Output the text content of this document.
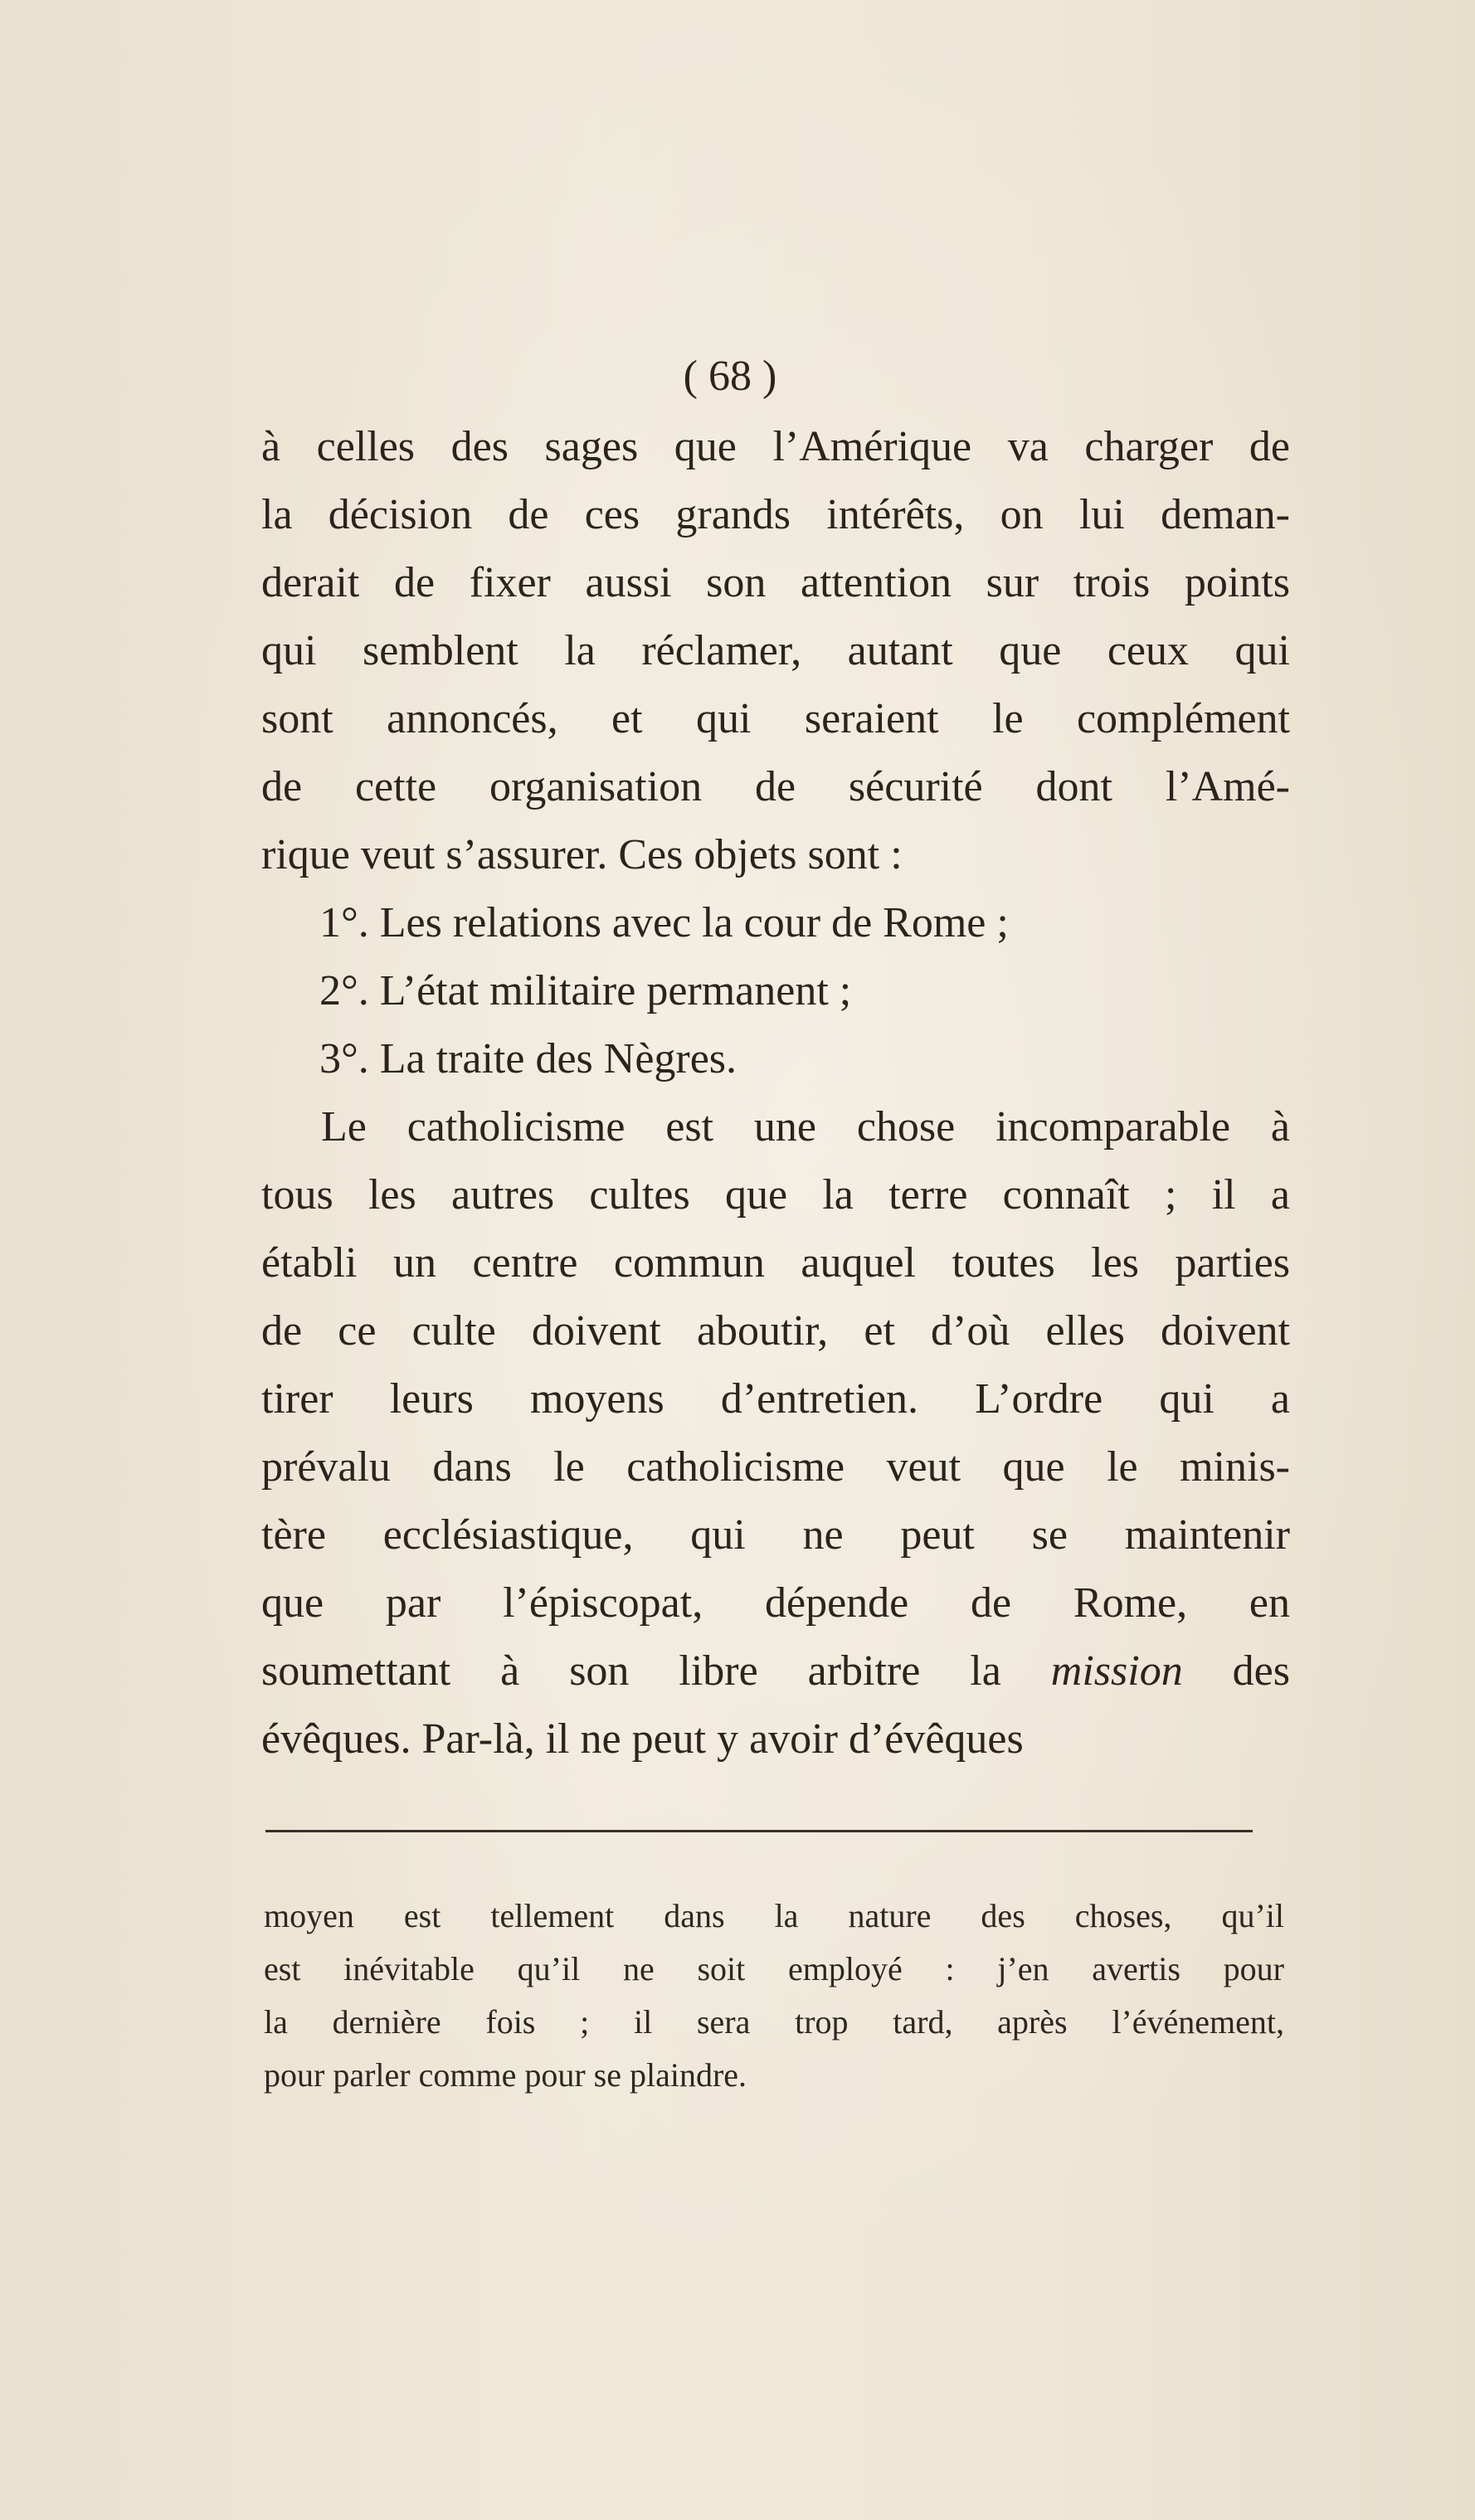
( 68 )
à celles des sages que l’Amérique va charger de
la décision de ces grands intérêts, on lui deman-
derait de fixer aussi son attention sur trois points
qui semblent la réclamer, autant que ceux qui
sont annoncés, et qui seraient le complément
de cette organisation de sécurité dont l’Amé-
rique veut s’assurer. Ces objets sont :
1°. Les relations avec la cour de Rome ;
2°. L’état militaire permanent ;
3°. La traite des Nègres.
Le catholicisme est une chose incomparable à
tous les autres cultes que la terre connaît ; il a
établi un centre commun auquel toutes les parties
de ce culte doivent aboutir, et d’où elles doivent
tirer leurs moyens d’entretien. L’ordre qui a
prévalu dans le catholicisme veut que le minis-
tère ecclésiastique, qui ne peut se maintenir
que par l’épiscopat, dépende de Rome, en
soumettant à son libre arbitre la mission des
évêques. Par-là, il ne peut y avoir d’évêques
moyen est tellement dans la nature des choses, qu’il
est inévitable qu’il ne soit employé : j’en avertis pour
la dernière fois ; il sera trop tard, après l’événement,
pour parler comme pour se plaindre.
